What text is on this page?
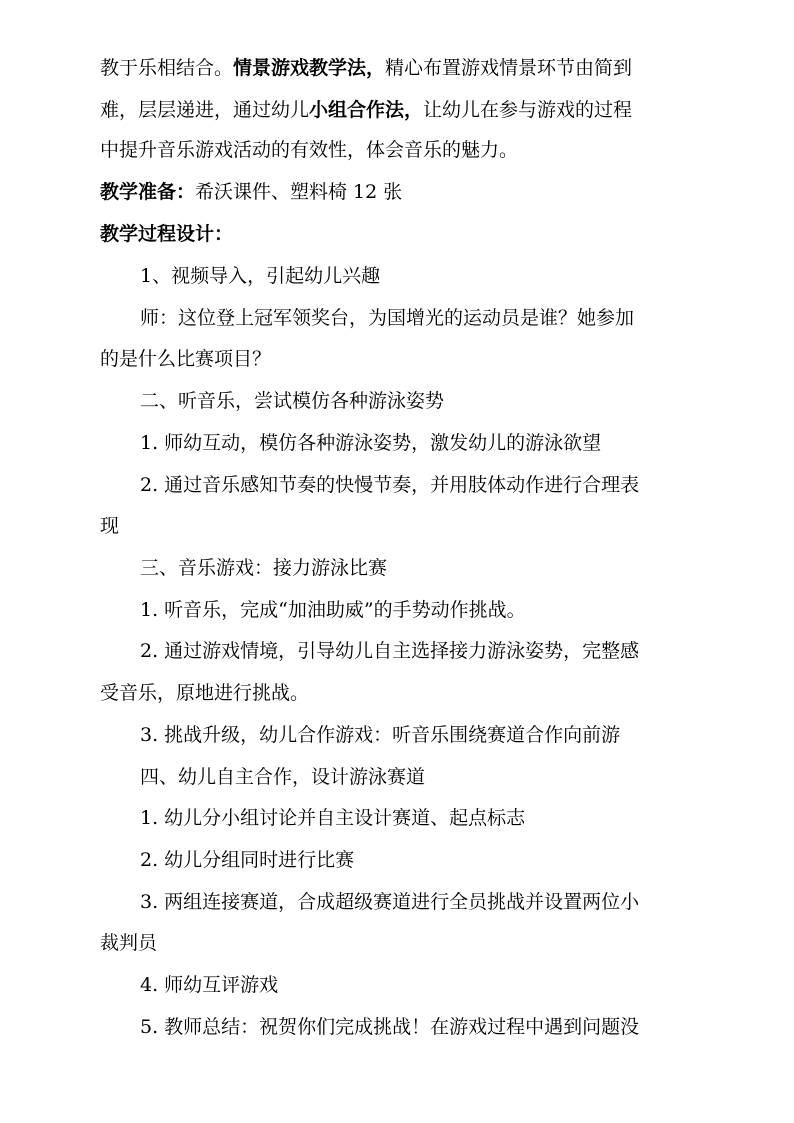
教于乐相结合。情景游戏教学法，精心布置游戏情景环节由简到
难，层层递进，通过幼儿小组合作法，让幼儿在参与游戏的过程
中提升音乐游戏活动的有效性，体会音乐的魅力。
教学准备：希沃课件、塑料椅 12 张
教学过程设计：
1、视频导入，引起幼儿兴趣
师：这位登上冠军领奖台，为国增光的运动员是谁？她参加
的是什么比赛项目？
二、听音乐，尝试模仿各种游泳姿势
1. 师幼互动，模仿各种游泳姿势，激发幼儿的游泳欲望
2. 通过音乐感知节奏的快慢节奏，并用肢体动作进行合理表
现
三、音乐游戏：接力游泳比赛
1. 听音乐，完成“加油助威”的手势动作挑战。
2. 通过游戏情境，引导幼儿自主选择接力游泳姿势，完整感
受音乐，原地进行挑战。
3. 挑战升级，幼儿合作游戏：听音乐围绕赛道合作向前游
四、幼儿自主合作，设计游泳赛道
1. 幼儿分小组讨论并自主设计赛道、起点标志
2. 幼儿分组同时进行比赛
3. 两组连接赛道，合成超级赛道进行全员挑战并设置两位小
裁判员
4. 师幼互评游戏
5. 教师总结：祝贺你们完成挑战！在游戏过程中遇到问题没
